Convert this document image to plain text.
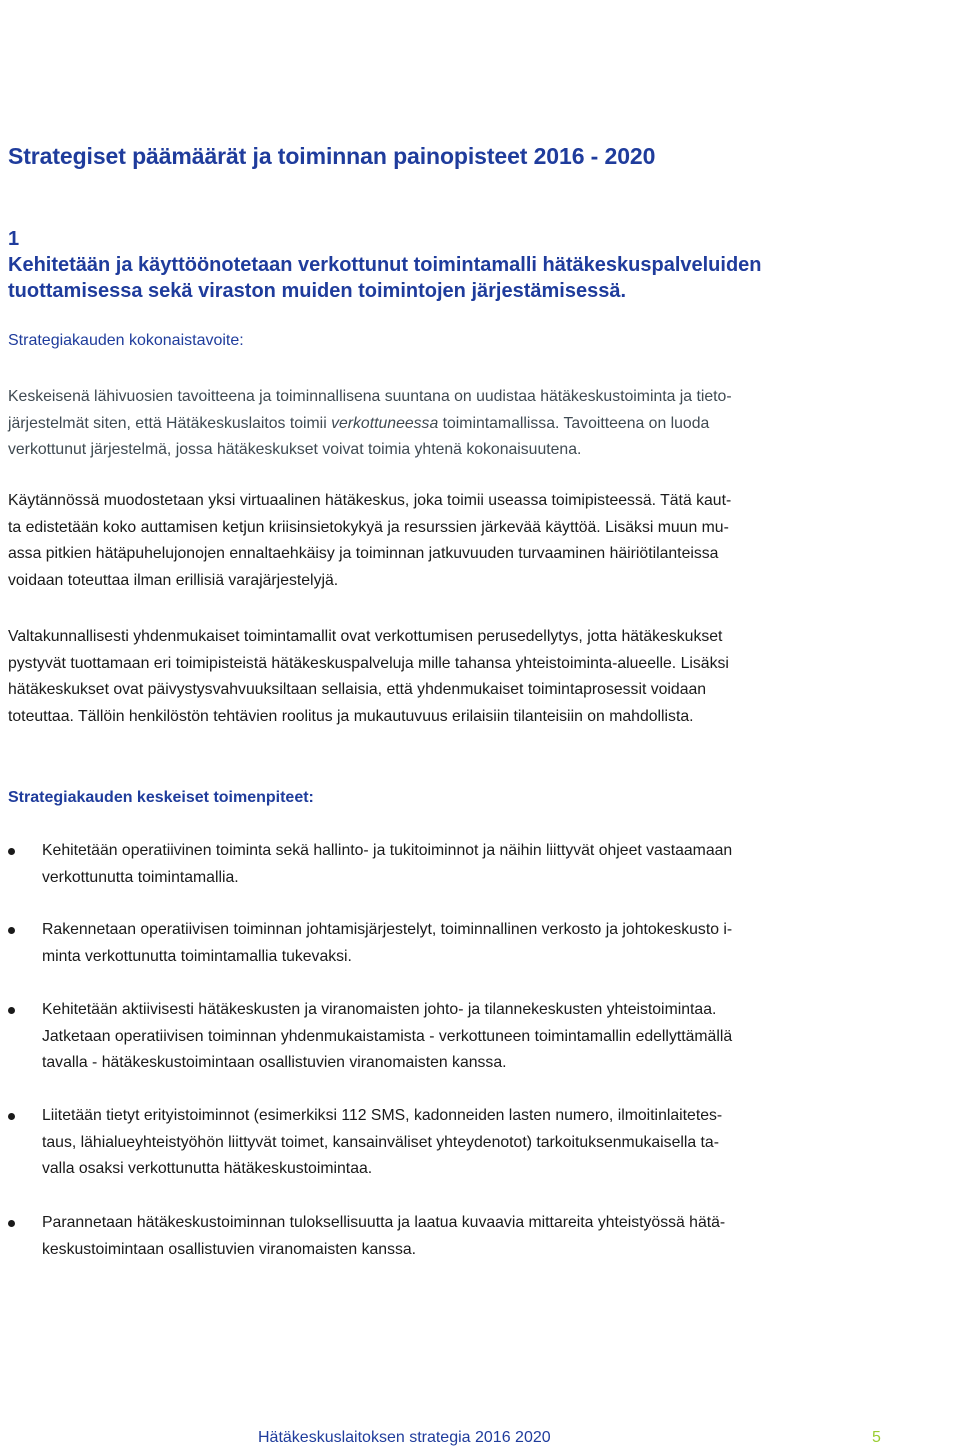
Strategiset päämäärät ja toiminnan painopisteet 2016 - 2020
1
Kehitetään ja käyttöönotetaan verkottunut toimintamalli hätäkeskuspalveluiden
tuottamisessa sekä viraston muiden toimintojen järjestämisessä.
Strategiakauden kokonaistavoite:
Keskeisenä lähivuosien tavoitteena ja toiminnallisena suuntana on uudistaa hätäkeskustoiminta ja tieto-
järjestelmät siten, että Hätäkeskuslaitos toimii verkottuneessa toimintamallissa. Tavoitteena on luoda
verkottunut järjestelmä, jossa hätäkeskukset voivat toimia yhtenä kokonaisuutena.
Käytännössä muodostetaan yksi virtuaalinen hätäkeskus, joka toimii useassa toimipisteessä. Tätä kaut-
ta edistetään koko auttamisen ketjun kriisinsietokykyä ja resurssien järkevää käyttöä. Lisäksi muun mu-
assa pitkien hätäpuhelujonojen ennaltaehkäisy ja toiminnan jatkuvuuden turvaaminen häiriötilanteissa
voidaan toteuttaa ilman erillisiä varajärjestelyjä.
Valtakunnallisesti yhdenmukaiset toimintamallit ovat verkottumisen perusedellytys, jotta hätäkeskukset
pystyvät tuottamaan eri toimipisteistä hätäkeskuspalveluja mille tahansa yhteistoiminta-alueelle. Lisäksi
hätäkeskukset ovat päivystysvahvuuksiltaan sellaisia, että yhdenmukaiset toimintaprosessit voidaan
toteuttaa. Tällöin henkilöstön tehtävien roolitus ja mukautuvuus erilaisiin tilanteisiin on mahdollista.
Strategiakauden keskeiset toimenpiteet:
Kehitetään operatiivinen toiminta sekä hallinto- ja tukitoiminnot ja näihin liittyvät ohjeet vastaamaan
verkottunutta toimintamallia.
Rakennetaan operatiivisen toiminnan johtamisjärjestelyt, toiminnallinen verkosto ja johtokeskusto i-
minta verkottunutta toimintamallia tukevaksi.
Kehitetään aktiivisesti hätäkeskusten ja viranomaisten johto- ja tilannekeskusten yhteistoimintaa.
Jatketaan operatiivisen toiminnan yhdenmukaistamista - verkottuneen toimintamallin edellyttämällä
tavalla - hätäkeskustoimintaan osallistuvien viranomaisten kanssa.
Liitetään tietyt erityistoiminnot (esimerkiksi 112 SMS, kadonneiden lasten numero, ilmoitinlaitetes-
taus, lähialueyhteistyöhön liittyvät toimet, kansainväliset yhteydenotot) tarkoituksenmukaisella ta-
valla osaksi verkottunutta hätäkeskustoimintaa.
Parannetaan hätäkeskustoiminnan tuloksellisuutta ja laatua kuvaavia mittareita yhteistyössä hätä-
keskustoimintaan osallistuvien viranomaisten kanssa.
Hätäkeskuslaitoksen strategia 2016 2020	5
